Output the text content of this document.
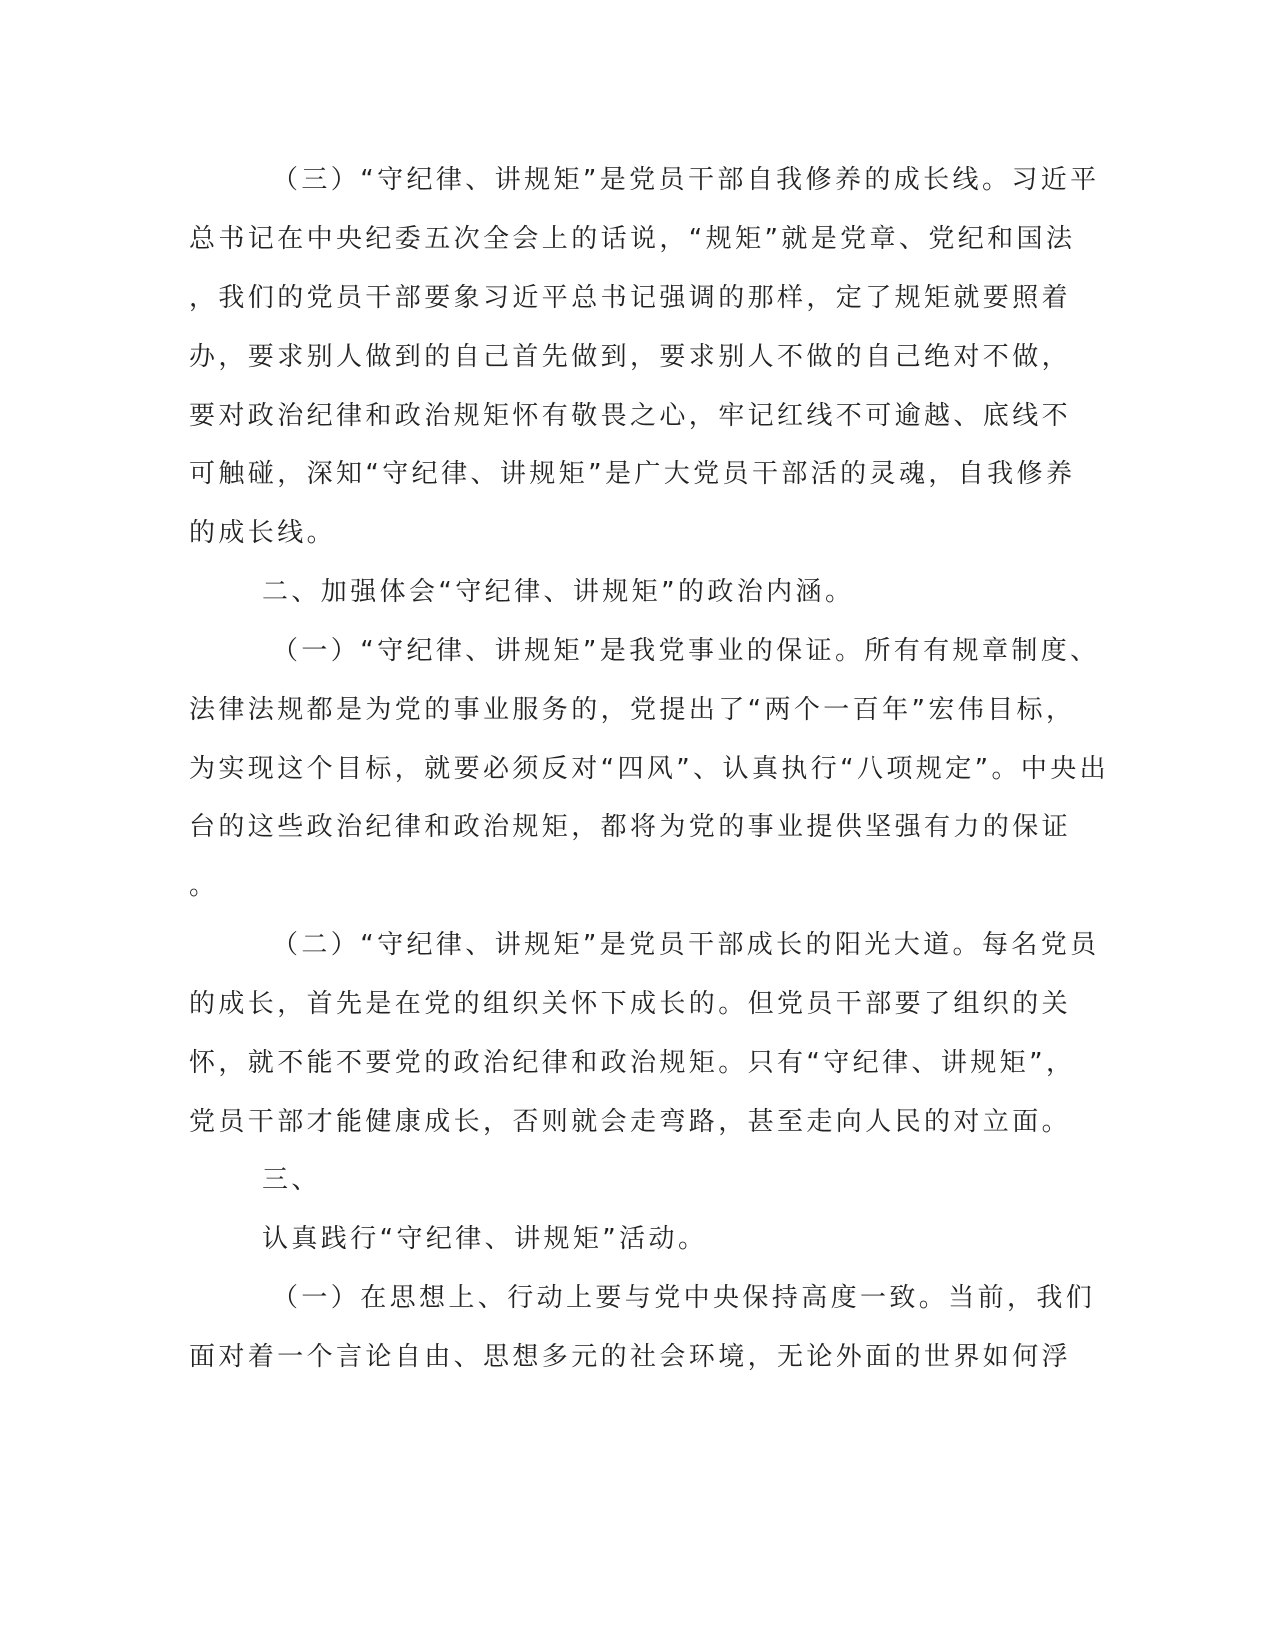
（三）“守纪律、讲规矩”是党员干部自我修养的成长线。习近平
总书记在中央纪委五次全会上的话说，“规矩”就是党章、党纪和国法
，我们的党员干部要象习近平总书记强调的那样，定了规矩就要照着
办，要求别人做到的自己首先做到，要求别人不做的自己绝对不做，
要对政治纪律和政治规矩怀有敬畏之心，牢记红线不可逾越、底线不
可触碰，深知“守纪律、讲规矩”是广大党员干部活的灵魂，自我修养
的成长线。
二、加强体会“守纪律、讲规矩”的政治内涵。
（一）“守纪律、讲规矩”是我党事业的保证。所有有规章制度、
法律法规都是为党的事业服务的，党提出了“两个一百年”宏伟目标，
为实现这个目标，就要必须反对“四风”、认真执行“八项规定”。中央出
台的这些政治纪律和政治规矩，都将为党的事业提供坚强有力的保证
。
（二）“守纪律、讲规矩”是党员干部成长的阳光大道。每名党员
的成长，首先是在党的组织关怀下成长的。但党员干部要了组织的关
怀，就不能不要党的政治纪律和政治规矩。只有“守纪律、讲规矩”，
党员干部才能健康成长，否则就会走弯路，甚至走向人民的对立面。
三、
认真践行“守纪律、讲规矩”活动。
（一）在思想上、行动上要与党中央保持高度一致。当前，我们
面对着一个言论自由、思想多元的社会环境，无论外面的世界如何浮
